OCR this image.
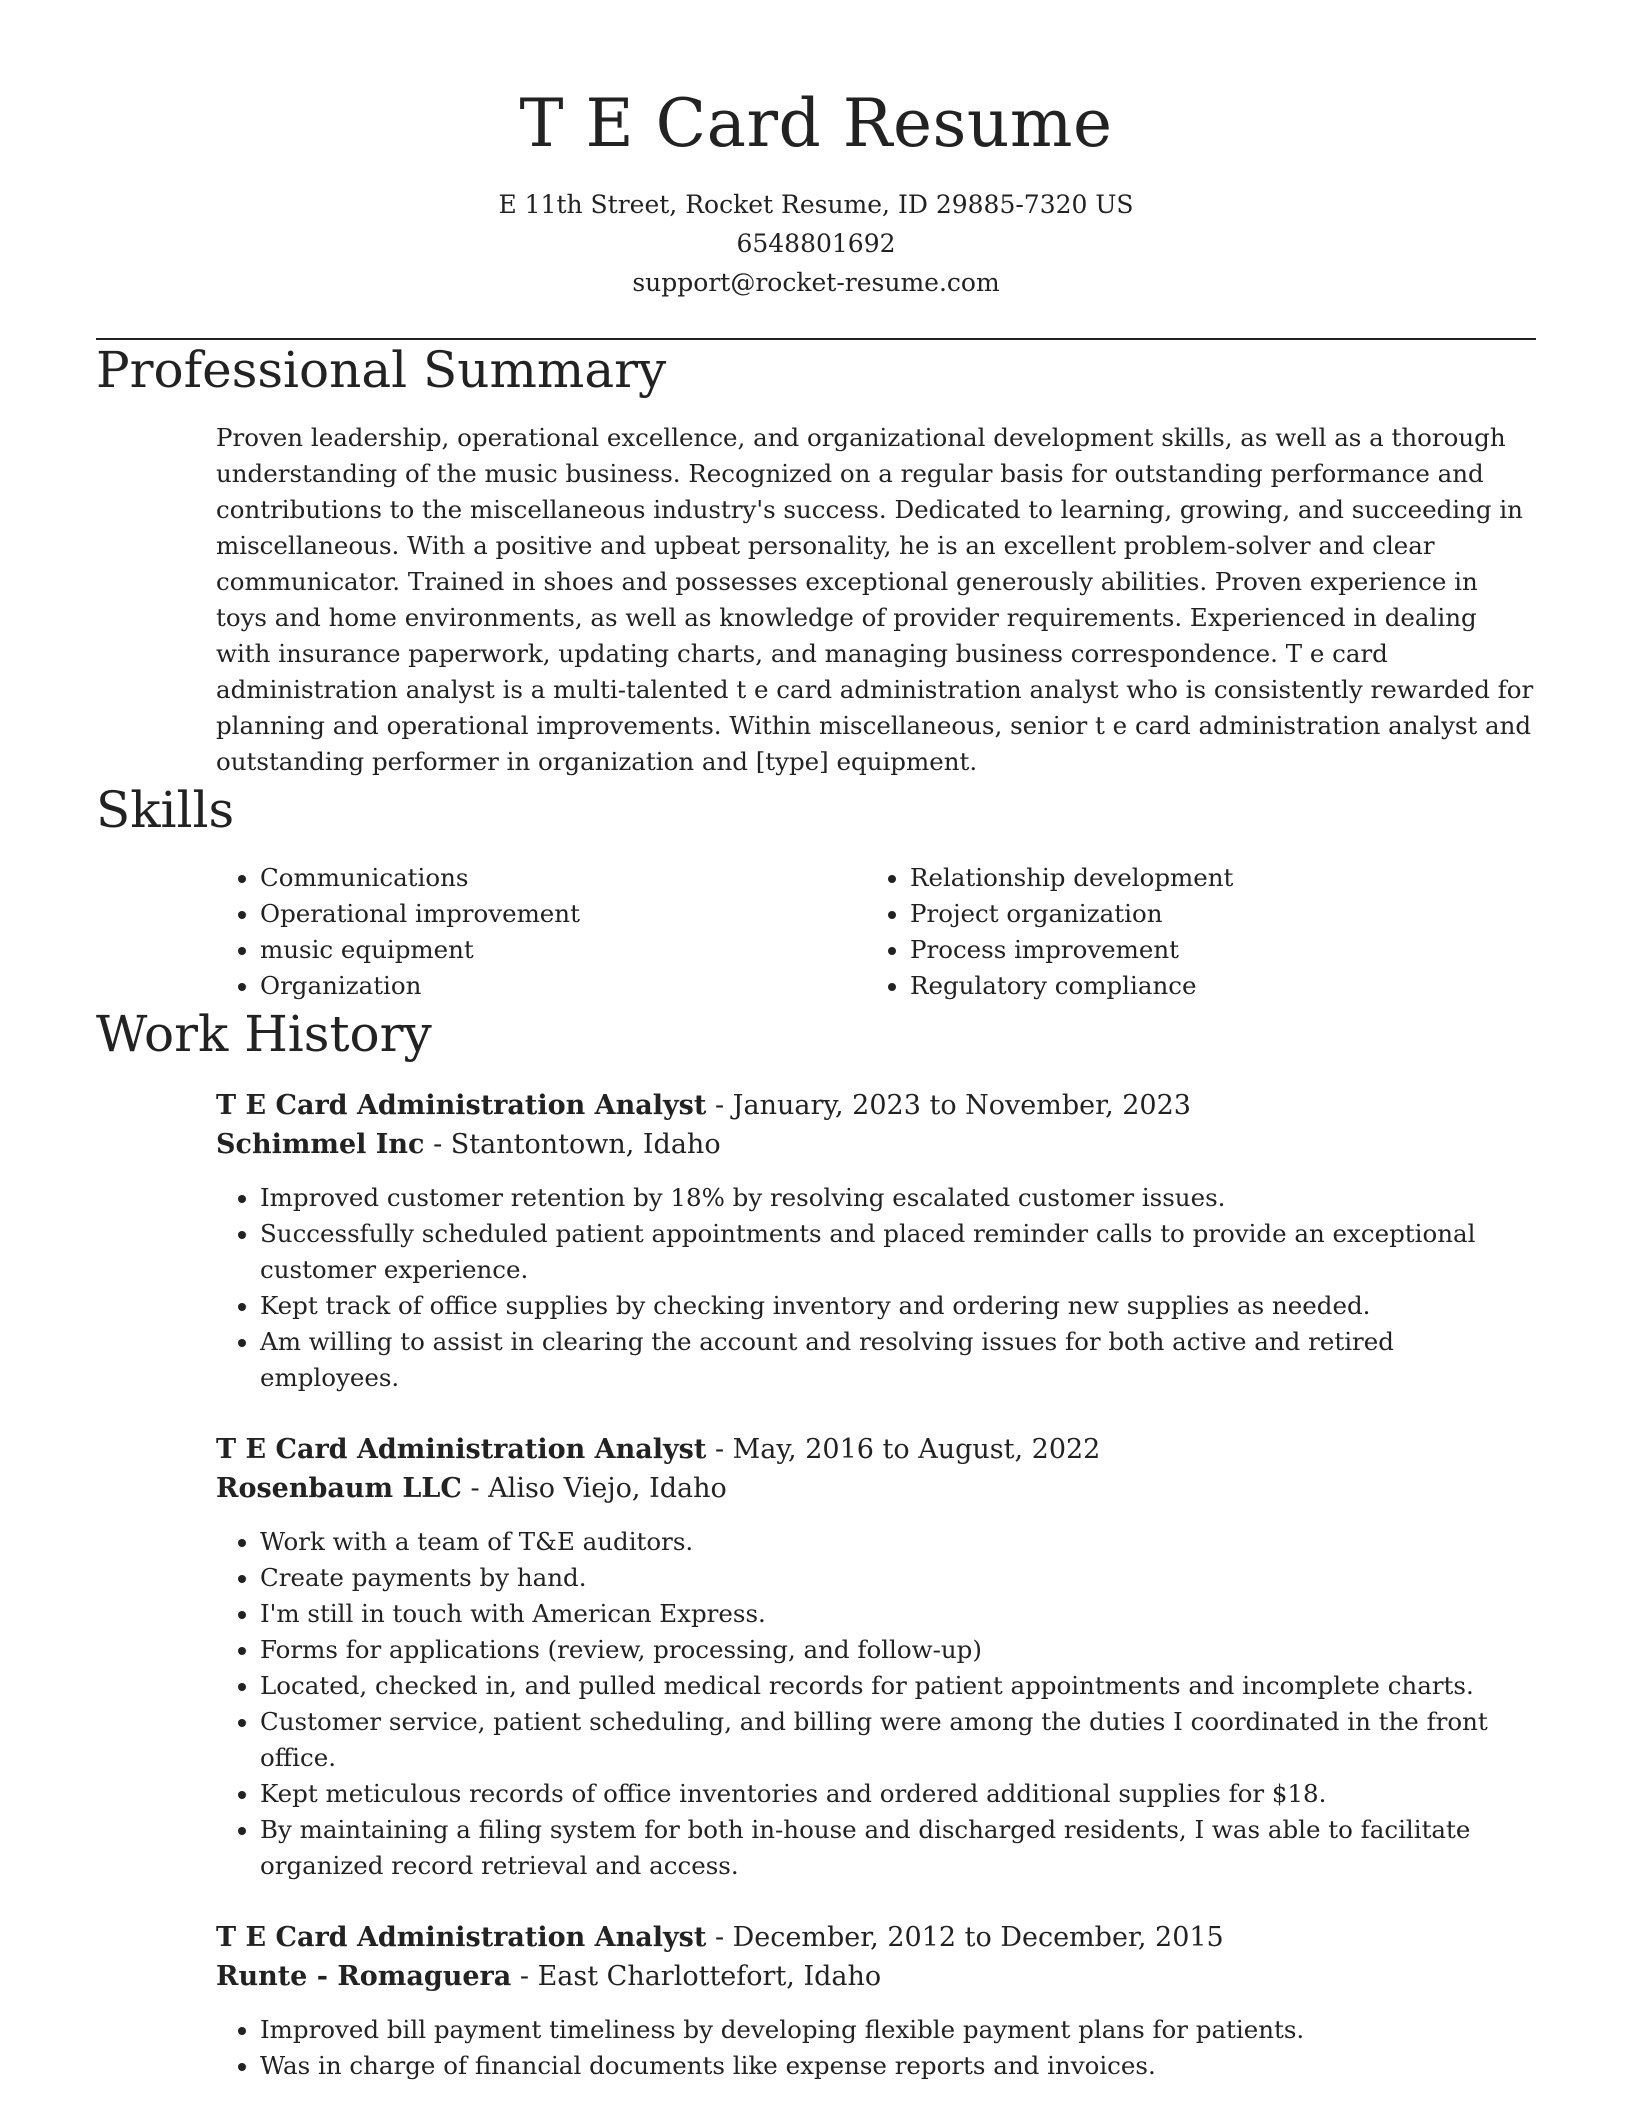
T E Card Resume
E 11th Street, Rocket Resume, ID 29885-7320 US
6548801692
support@rocket-resume.com
Professional Summary

Proven leadership, operational excellence, and organizational development skills, as well as a thorough understanding of the music business. Recognized on a regular basis for outstanding performance and contributions to the miscellaneous industry's success. Dedicated to learning, growing, and succeeding in miscellaneous. With a positive and upbeat personality, he is an excellent problem-solver and clear communicator. Trained in shoes and possesses exceptional generously abilities. Proven experience in toys and home environments, as well as knowledge of provider requirements. Experienced in dealing with insurance paperwork, updating charts, and managing business correspondence. T e card administration analyst is a multi-talented t e card administration analyst who is consistently rewarded for planning and operational improvements. Within miscellaneous, senior t e card administration analyst and outstanding performer in organization and [type] equipment.

Skills
• Communications
• Operational improvement
• music equipment
• Organization
• Relationship development
• Project organization
• Process improvement
• Regulatory compliance
Work History
T E Card Administration Analyst - January, 2023 to November, 2023
Schimmel Inc - Stantontown, Idaho
• Improved customer retention by 18% by resolving escalated customer issues.
• Successfully scheduled patient appointments and placed reminder calls to provide an exceptional customer experience.
• Kept track of office supplies by checking inventory and ordering new supplies as needed.
• Am willing to assist in clearing the account and resolving issues for both active and retired employees.
T E Card Administration Analyst - May, 2016 to August, 2022
Rosenbaum LLC - Aliso Viejo, Idaho
• Work with a team of T&E auditors.
• Create payments by hand.
• I'm still in touch with American Express.
• Forms for applications (review, processing, and follow-up)
• Located, checked in, and pulled medical records for patient appointments and incomplete charts.
• Customer service, patient scheduling, and billing were among the duties I coordinated in the front office.
• Kept meticulous records of office inventories and ordered additional supplies for $18.
• By maintaining a filing system for both in-house and discharged residents, I was able to facilitate organized record retrieval and access.
T E Card Administration Analyst - December, 2012 to December, 2015
Runte - Romaguera - East Charlottefort, Idaho
• Improved bill payment timeliness by developing flexible payment plans for patients.
• Was in charge of financial documents like expense reports and invoices.
